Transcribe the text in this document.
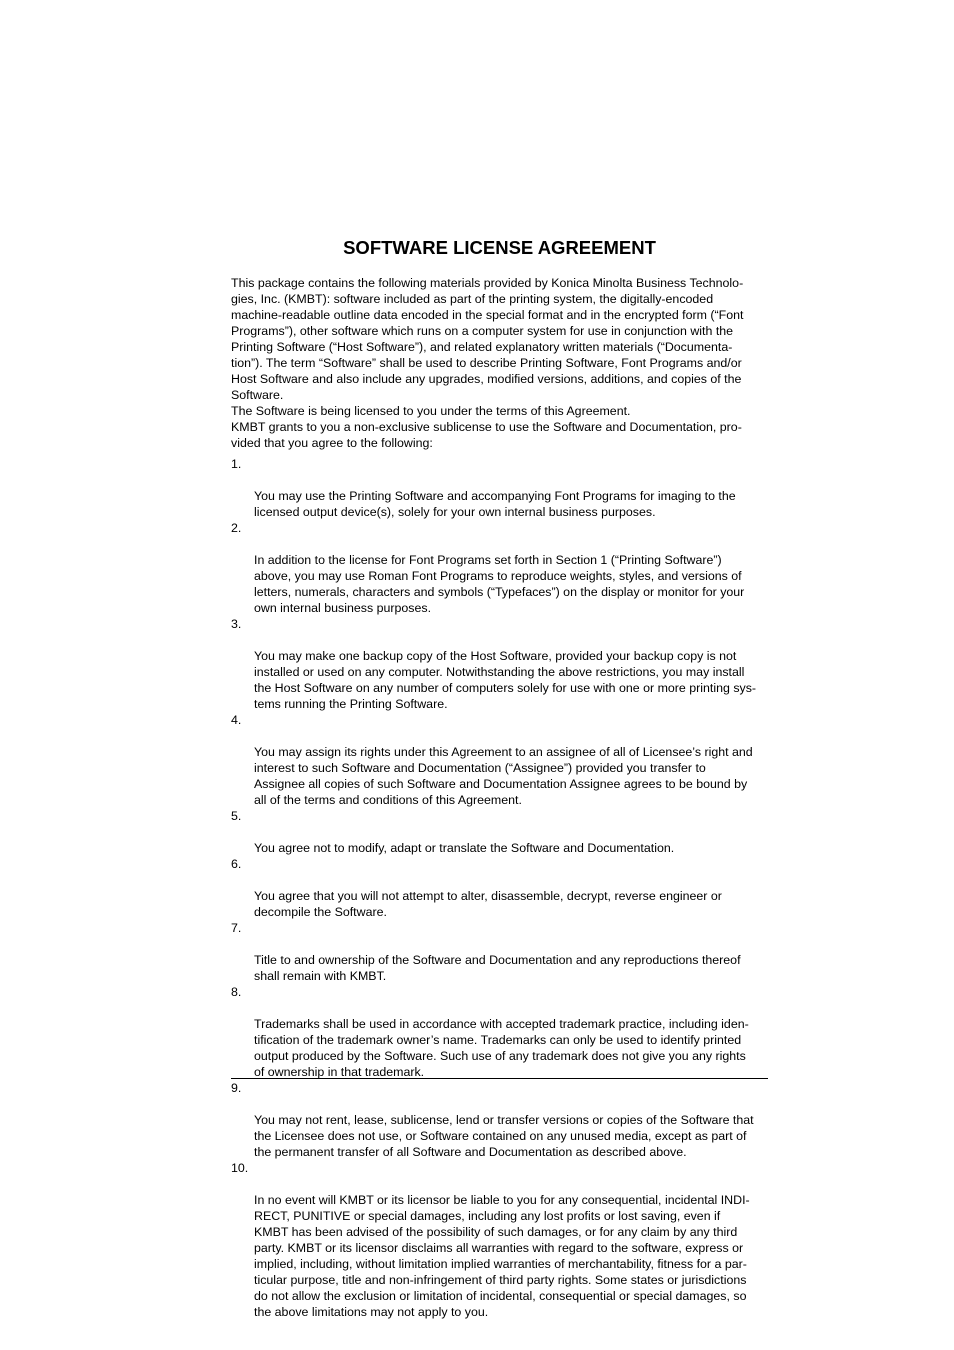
SOFTWARE LICENSE AGREEMENT

This package contains the following materials provided by Konica Minolta Business Technolo-
gies, Inc. (KMBT): software included as part of the printing system, the digitally-encoded
machine-readable outline data encoded in the special format and in the encrypted form (“Font
Programs”), other software which runs on a computer system for use in conjunction with the
Printing Software (“Host Software”), and related explanatory written materials (“Documenta-
tion”). The term “Software” shall be used to describe Printing Software, Font Programs and/or
Host Software and also include any upgrades, modified versions, additions, and copies of the
Software.

The Software is being licensed to you under the terms of this Agreement.

KMBT grants to you a non-exclusive sublicense to use the Software and Documentation, pro-
vided that you agree to the following:

1.

You may use the Printing Software and accompanying Font Programs for imaging to the
licensed output device(s), solely for your own internal business purposes.

2.

In addition to the license for Font Programs set forth in Section 1 (“Printing Software”)
above, you may use Roman Font Programs to reproduce weights, styles, and versions of
letters, numerals, characters and symbols (“Typefaces”) on the display or monitor for your
own internal business purposes.

3.

You may make one backup copy of the Host Software, provided your backup copy is not
installed or used on any computer. Notwithstanding the above restrictions, you may install
the Host Software on any number of computers solely for use with one or more printing sys-
tems running the Printing Software.

4.

You may assign its rights under this Agreement to an assignee of all of Licensee’s right and
interest to such Software and Documentation (“Assignee”) provided you transfer to
Assignee all copies of such Software and Documentation Assignee agrees to be bound by
all of the terms and conditions of this Agreement.

5.

You agree not to modify, adapt or translate the Software and Documentation.

6.

You agree that you will not attempt to alter, disassemble, decrypt, reverse engineer or
decompile the Software.

7.

Title to and ownership of the Software and Documentation and any reproductions thereof
shall remain with KMBT.

8.

Trademarks shall be used in accordance with accepted trademark practice, including iden-
tification of the trademark owner’s name. Trademarks can only be used to identify printed
output produced by the Software. Such use of any trademark does not give you any rights
of ownership in that trademark.

9.

You may not rent, lease, sublicense, lend or transfer versions or copies of the Software that
the Licensee does not use, or Software contained on any unused media, except as part of
the permanent transfer of all Software and Documentation as described above.

10.

In no event will KMBT or its licensor be liable to you for any consequential, incidental INDI-
RECT, PUNITIVE or special damages, including any lost profits or lost saving, even if
KMBT has been advised of the possibility of such damages, or for any claim by any third
party. KMBT or its licensor disclaims all warranties with regard to the software, express or
implied, including, without limitation implied warranties of merchantability, fitness for a par-
ticular purpose, title and non-infringement of third party rights. Some states or jurisdictions
do not allow the exclusion or limitation of incidental, consequential or special damages, so
the above limitations may not apply to you.
